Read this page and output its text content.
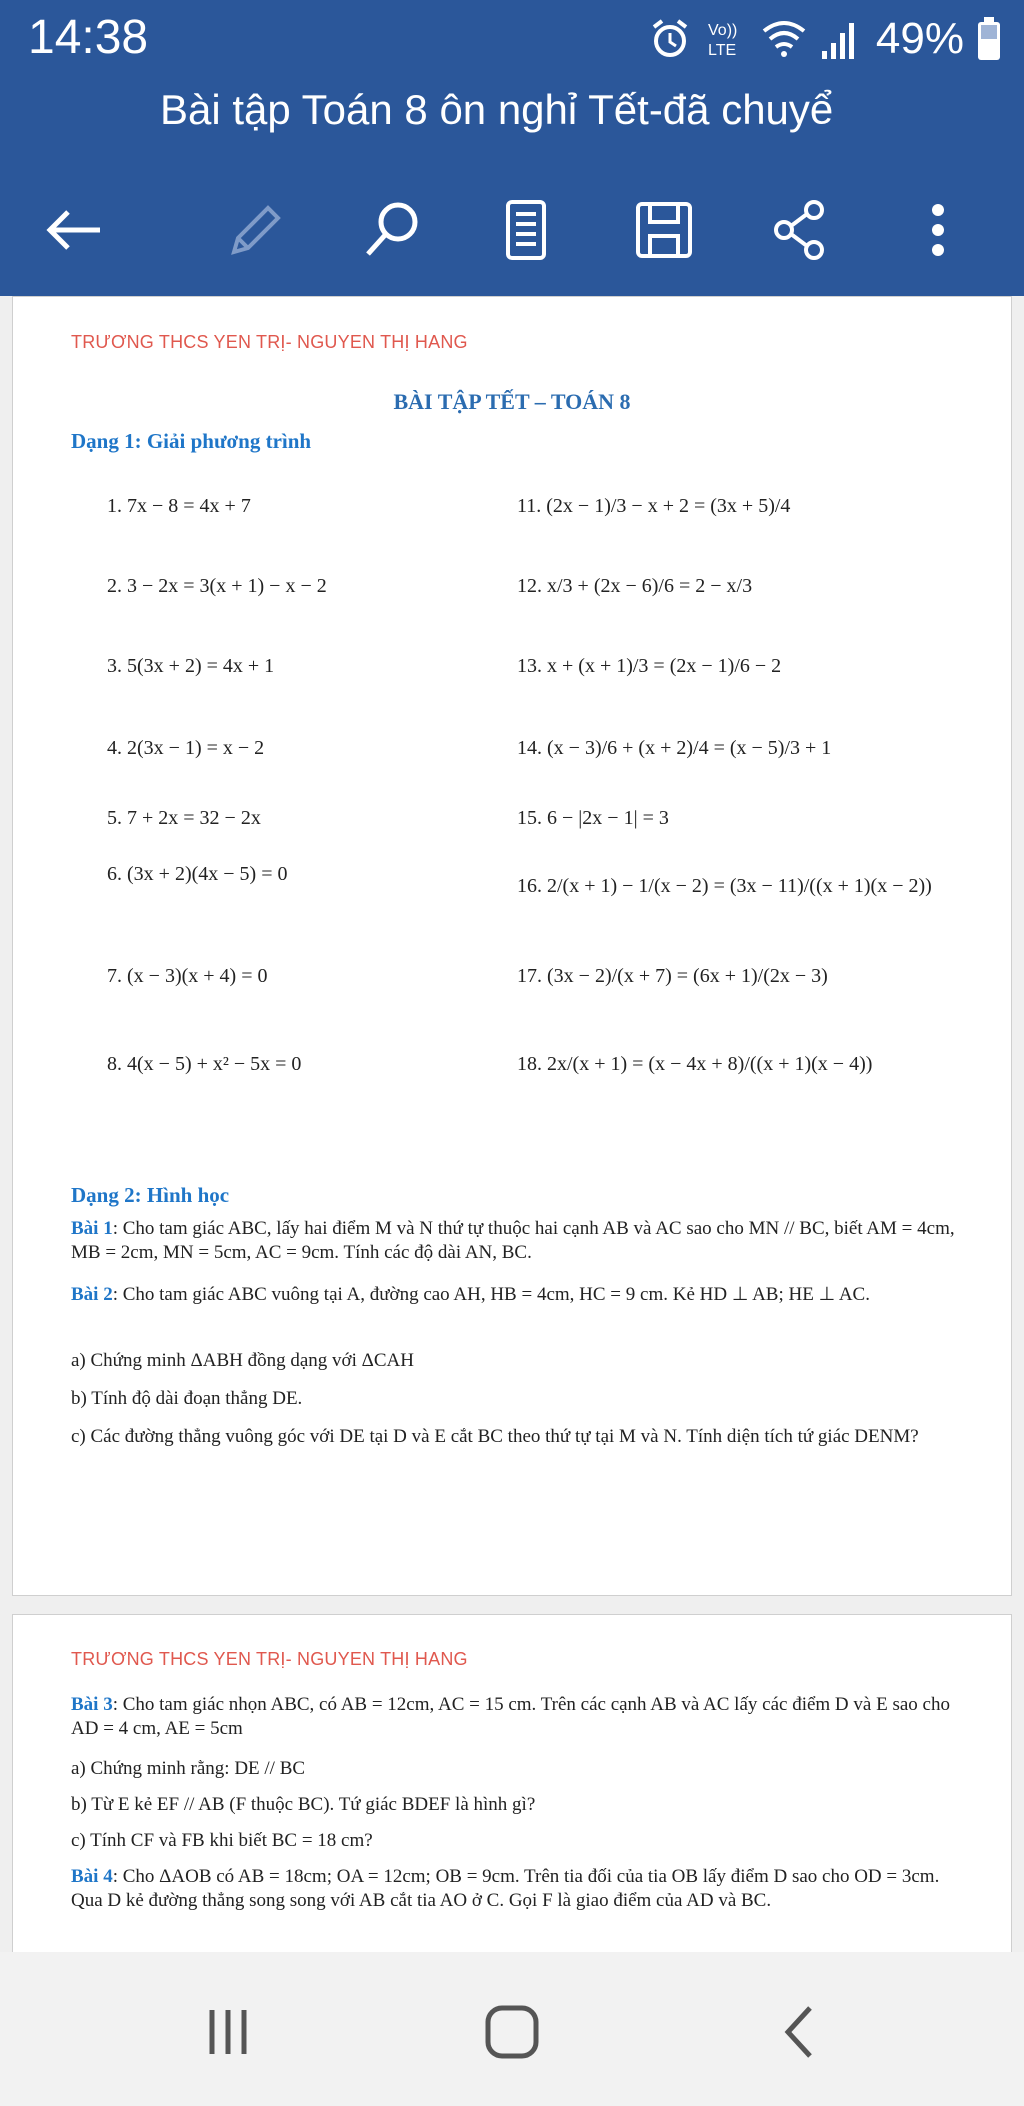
14:38	Vo))
LTE	49%
Bài tập Toán 8 ôn nghỉ Tết-đã chuyể
TRƯƠNG THCS YEN TRỊ- NGUYEN THỊ HANG
BÀI TẬP TẾT – TOÁN 8
Dạng 1: Giải phương trình
1. 7x − 8 = 4x + 7
2. 3 − 2x = 3(x + 1) − x − 2
3. 5(3x + 2) = 4x + 1
4. 2(3x − 1) = x − 2
5. 7 + 2x = 32 − 2x
6. (3x + 2)(4x − 5) = 0
7. (x − 3)(x + 4) = 0
8. 4(x − 5) + x² − 5x = 0
11. (2x − 1)/3 − x + 2 = (3x + 5)/4
12. x/3 + (2x − 6)/6 = 2 − x/3
13. x + (x + 1)/3 = (2x − 1)/6 − 2
14. (x − 3)/6 + (x + 2)/4 = (x − 5)/3 + 1
15. 6 − |2x − 1| = 3
16. 2/(x + 1) − 1/(x − 2) = (3x − 11)/((x + 1)(x − 2))
17. (3x − 2)/(x + 7) = (6x + 1)/(2x − 3)
18. 2x/(x + 1) = (x − 4x + 8)/((x + 1)(x − 4))
Dạng 2: Hình học
Bài 1: Cho tam giác ABC, lấy hai điểm M và N thứ tự thuộc hai cạnh AB và AC sao cho MN // BC, biết AM = 4cm, MB = 2cm, MN = 5cm, AC = 9cm. Tính các độ dài AN, BC.
Bài 2: Cho tam giác ABC vuông tại A, đường cao AH, HB = 4cm, HC = 9 cm. Kẻ HD ⊥ AB; HE ⊥ AC.
a) Chứng minh ΔABH đồng dạng với ΔCAH
b) Tính độ dài đoạn thẳng DE.
c) Các đường thẳng vuông góc với DE tại D và E cắt BC theo thứ tự tại M và N. Tính diện tích tứ giác DENM?
TRƯƠNG THCS YEN TRỊ- NGUYEN THỊ HANG
Bài 3: Cho tam giác nhọn ABC, có AB = 12cm, AC = 15 cm. Trên các cạnh AB và AC lấy các điểm D và E sao cho AD = 4 cm, AE = 5cm
a) Chứng minh rằng: DE // BC
b) Từ E kẻ EF // AB (F thuộc BC). Tứ giác BDEF là hình gì?
c) Tính CF và FB khi biết BC = 18 cm?
Bài 4: Cho ΔAOB có AB = 18cm; OA = 12cm; OB = 9cm. Trên tia đối của tia OB lấy điểm D sao cho OD = 3cm. Qua D kẻ đường thẳng song song với AB cắt tia AO ở C. Gọi F là giao điểm của AD và BC.
